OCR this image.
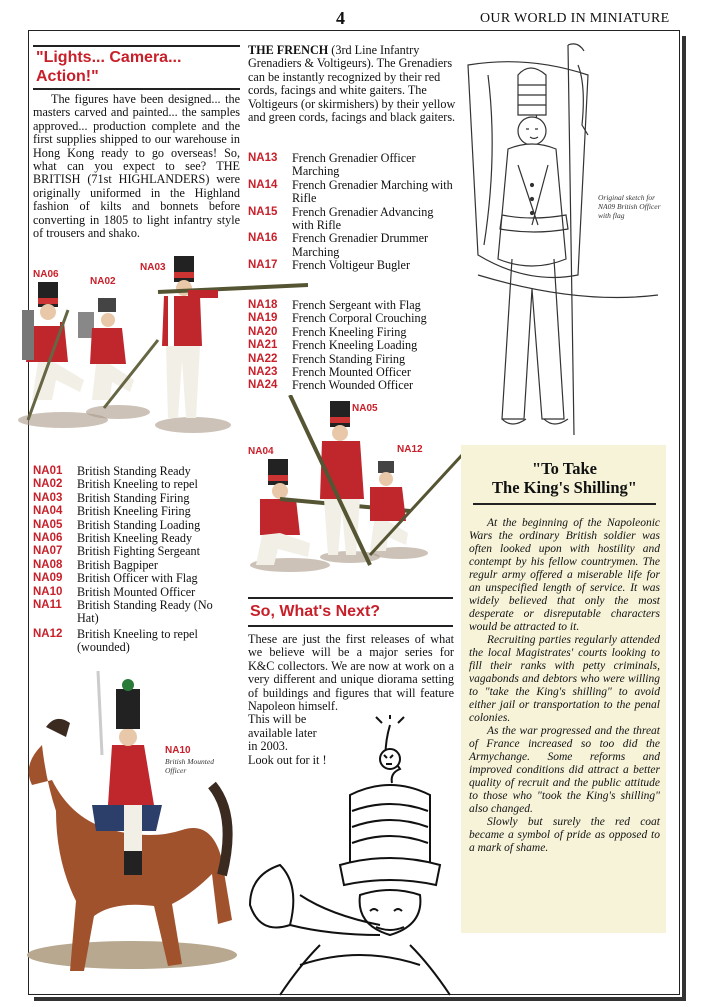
4	OUR WORLD IN MINIATURE
"Lights... Camera... Action!"

The figures have been designed... the masters carved and painted... the samples approved... production complete and the first supplies shipped to our warehouse in Hong Kong ready to go overseas! So, what can you expect to see? THE BRITISH (71st HIGHLANDERS) were originally uniformed in the Highland fashion of kilts and bonnets before converting in 1805 to light infantry style of trousers and shako.

NA06
NA02
NA03
NA01	British Standing Ready
NA02	British Kneeling to repel
NA03	British Standing Firing
NA04	British Kneeling Firing
NA05	British Standing Loading
NA06	British Kneeling Ready
NA07	British Fighting Sergeant
NA08	British Bagpiper
NA09	British Officer with Flag
NA10	British Mounted Officer
NA11	British Standing Ready (No Hat)
NA12	British Kneeling to repel (wounded)
NA10
British Mounted Officer

THE FRENCH (3rd Line Infantry Grenadiers & Voltigeurs). The Grenadiers can be instantly recognized by their red cords, facings and white gaiters. The Voltigeurs (or skirmishers) by their yellow and green cords, facings and black gaiters.

NA13	French Grenadier Officer Marching
NA14	French Grenadier Marching with Rifle
NA15	French Grenadier Advancing with Rifle
NA16	French Grenadier Drummer Marching
NA17	French Voltigeur Bugler
NA18	French Sergeant with Flag
NA19	French Corporal Crouching
NA20	French Kneeling Firing
NA21	French Kneeling Loading
NA22	French Standing Firing
NA23	French Mounted Officer
NA24	French Wounded Officer
NA05
NA04	NA12
So, What's Next?

These are just the first releases of what we believe will be a major series for K&C collectors. We are now at work on a very different and unique diorama setting of buildings and figures that will feature Napoleon himself.

This will be
available later
in 2003.
Look out for it !
Original sketch for NA09 British Officer with flag
"To Take
The King's Shilling"

At the beginning of the Napoleonic Wars the ordinary British soldier was often looked upon with hostility and contempt by his fellow countrymen. The regulr army offered a miserable life for an unspecified length of service. It was widely believed that only the most desperate or disreputable characters would be attracted to it.

Recruiting parties regularly attended the local Magistrates' courts looking to fill their ranks with petty criminals, vagabonds and debtors who were willing to "take the King's shilling" to avoid either jail or transportation to the penal colonies.

As the war progressed and the threat of France increased so too did the Armychange. Some reforms and improved conditions did attract a better quality of recruit and the public attitude to those who "took the King's shilling" also changed.

Slowly but surely the red coat became a symbol of pride as opposed to a mark of shame.
